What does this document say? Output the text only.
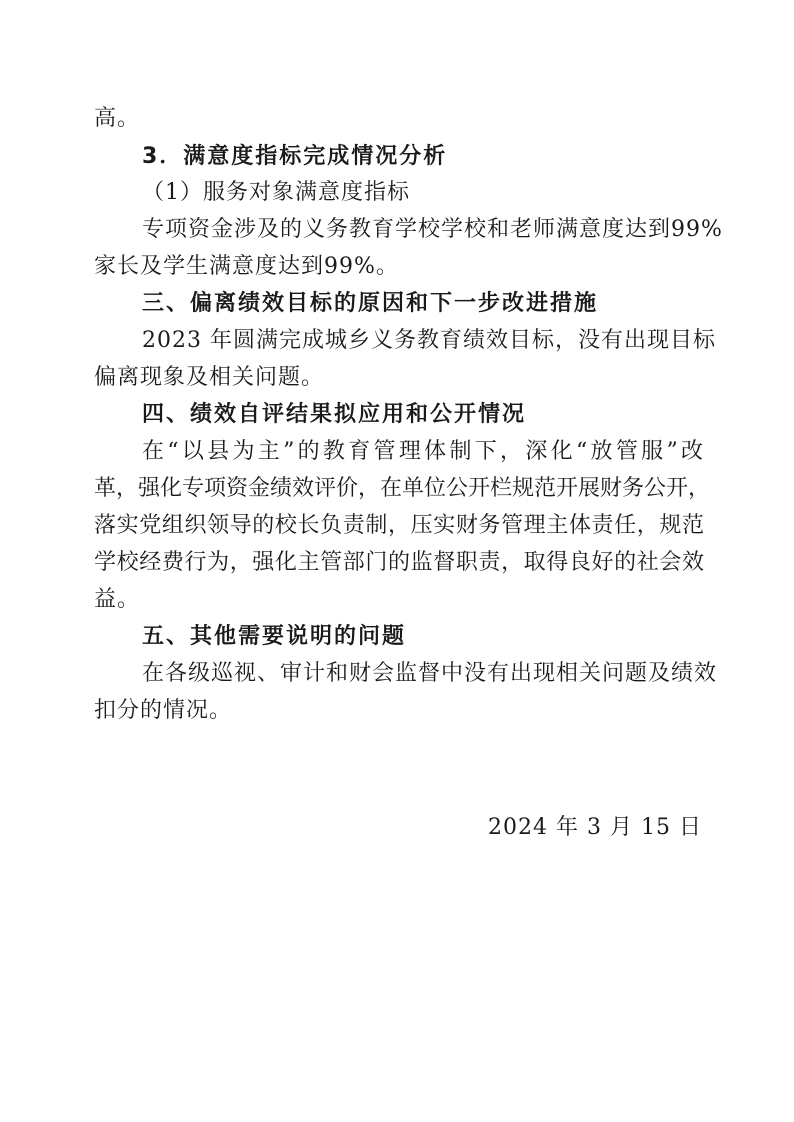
高。
3．满意度指标完成情况分析
（1）服务对象满意度指标
专项资金涉及的义务教育学校学校和老师满意度达到99%
家长及学生满意度达到99%。
三、偏离绩效目标的原因和下一步改进措施
2023 年圆满完成城乡义务教育绩效目标，没有出现目标
偏离现象及相关问题。
四、绩效自评结果拟应用和公开情况
在“以县为主”的教育管理体制下，深化“放管服”改
革，强化专项资金绩效评价，在单位公开栏规范开展财务公开，
落实党组织领导的校长负责制，压实财务管理主体责任，规范
学校经费行为，强化主管部门的监督职责，取得良好的社会效
益。
五、其他需要说明的问题
在各级巡视、审计和财会监督中没有出现相关问题及绩效
扣分的情况。
2024 年 3 月 15 日
